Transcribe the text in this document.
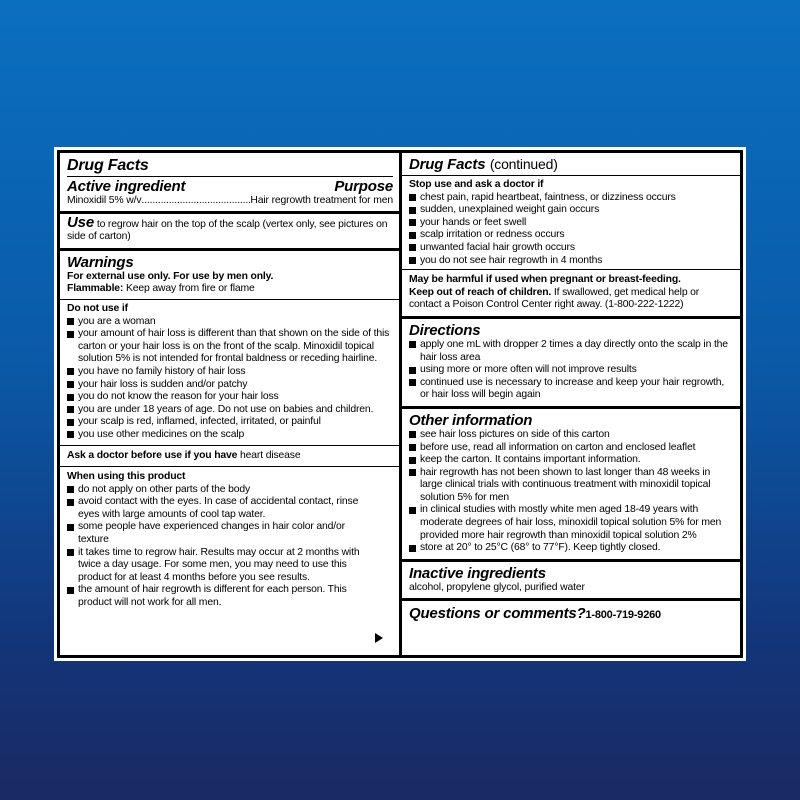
Drug Facts
Active ingredient	Purpose
Minoxidil 5% w/v
.....	Hair regrowth treatment for men
Use to regrow hair on the top of the scalp (vertex only, see pictures on side of carton)
Warnings
For external use only. For use by men only.
Flammable: Keep away from fire or flame
Do not use if
you are a woman
your amount of hair loss is different than that shown on the side of this carton or your hair loss is on the front of the scalp. Minoxidil topical solution 5% is not intended for frontal baldness or receding hairline.
you have no family history of hair loss
your hair loss is sudden and/or patchy
you do not know the reason for your hair loss
you are under 18 years of age. Do not use on babies and children.
your scalp is red, inflamed, infected, irritated, or painful
you use other medicines on the scalp
Ask a doctor before use if you have heart disease
When using this product
do not apply on other parts of the body
avoid contact with the eyes. In case of accidental contact, rinse eyes with large amounts of cool tap water.
some people have experienced changes in hair color and/or texture
it takes time to regrow hair. Results may occur at 2 months with twice a day usage. For some men, you may need to use this product for at least 4 months before you see results.
the amount of hair regrowth is different for each person. This product will not work for all men.
Drug Facts (continued)
Stop use and ask a doctor if
chest pain, rapid heartbeat, faintness, or dizziness occurs
sudden, unexplained weight gain occurs
your hands or feet swell
scalp irritation or redness occurs
unwanted facial hair growth occurs
you do not see hair regrowth in 4 months
May be harmful if used when pregnant or breast-feeding.
Keep out of reach of children. If swallowed, get medical help or contact a Poison Control Center right away. (1-800-222-1222)
Directions
apply one mL with dropper 2 times a day directly onto the scalp in the hair loss area
using more or more often will not improve results
continued use is necessary to increase and keep your hair regrowth, or hair loss will begin again
Other information
see hair loss pictures on side of this carton
before use, read all information on carton and enclosed leaflet
keep the carton. It contains important information.
hair regrowth has not been shown to last longer than 48 weeks in large clinical trials with continuous treatment with minoxidil topical solution 5% for men
in clinical studies with mostly white men aged 18-49 years with moderate degrees of hair loss, minoxidil topical solution 5% for men provided more hair regrowth than minoxidil topical solution 2%
store at 20° to 25°C (68° to 77°F). Keep tightly closed.
Inactive ingredients
alcohol, propylene glycol, purified water
Questions or comments? 1-800-719-9260
